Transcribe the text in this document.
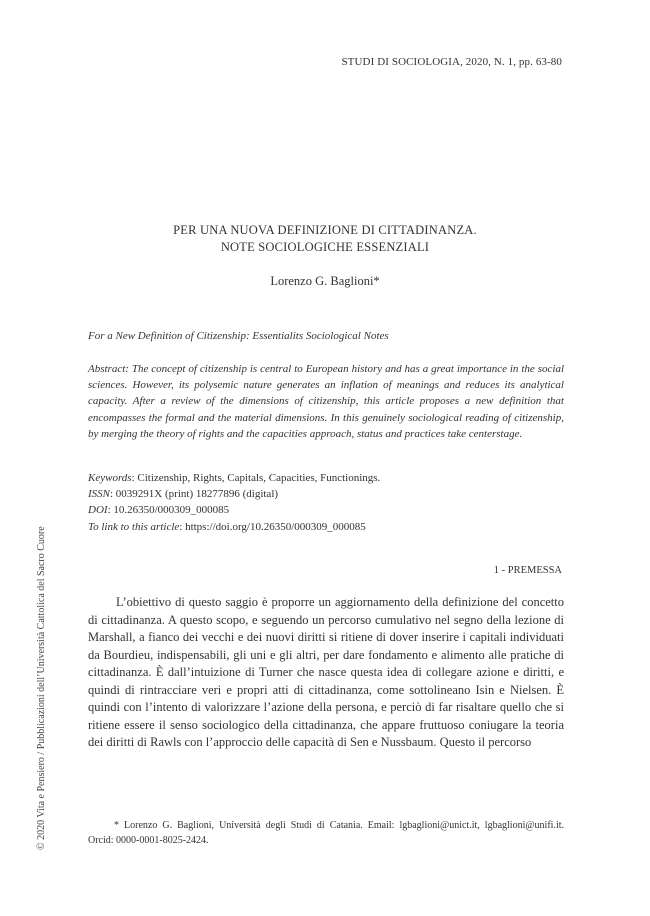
STUDI DI SOCIOLOGIA, 2020, N. 1, pp. 63-80
PER UNA NUOVA DEFINIZIONE DI CITTADINANZA.
NOTE SOCIOLOGICHE ESSENZIALI
Lorenzo G. Baglioni*
For a New Definition of Citizenship: Essentialits Sociological Notes
Abstract: The concept of citizenship is central to European history and has a great importance in the social sciences. However, its polysemic nature generates an inflation of meanings and reduces its analytical capacity. After a review of the dimensions of citizenship, this article proposes a new definition that encompasses the formal and the material dimensions. In this genuinely sociological reading of citizenship, by merging the theory of rights and the capacities approach, status and practices take centerstage.
Keywords: Citizenship, Rights, Capitals, Capacities, Functionings.
ISSN: 0039291X (print) 18277896 (digital)
DOI: 10.26350/000309_000085
To link to this article: https://doi.org/10.26350/000309_000085
1 - PREMESSA

L’obiettivo di questo saggio è proporre un aggiornamento della definizione del concetto di cittadinanza. A questo scopo, e seguendo un percorso cumulativo nel segno della lezione di Marshall, a fianco dei vecchi e dei nuovi diritti si ritiene di dover inserire i capitali individuati da Bourdieu, indispensabili, gli uni e gli altri, per dare fondamento e alimento alle pratiche di cittadinanza. È dall’intuizione di Turner che nasce questa idea di collegare azione e diritti, e quindi di rintracciare veri e propri atti di cittadinanza, come sottolineano Isin e Nielsen. È quindi con l’intento di valorizzare l’azione della persona, e perciò di far risaltare quello che si ritiene essere il senso sociologico della cittadinanza, che appare fruttuoso coniugare la teoria dei diritti di Rawls con l’approccio delle capacità di Sen e Nussbaum. Questo il percorso

* Lorenzo G. Baglioni, Università degli Studi di Catania. Email: lgbaglioni@unict.it, lgbaglioni@unifi.it. Orcid: 0000-0001-8025-2424.

© 2020 Vita e Pensiero / Pubblicazioni dell’Università Cattolica del Sacro Cuore
